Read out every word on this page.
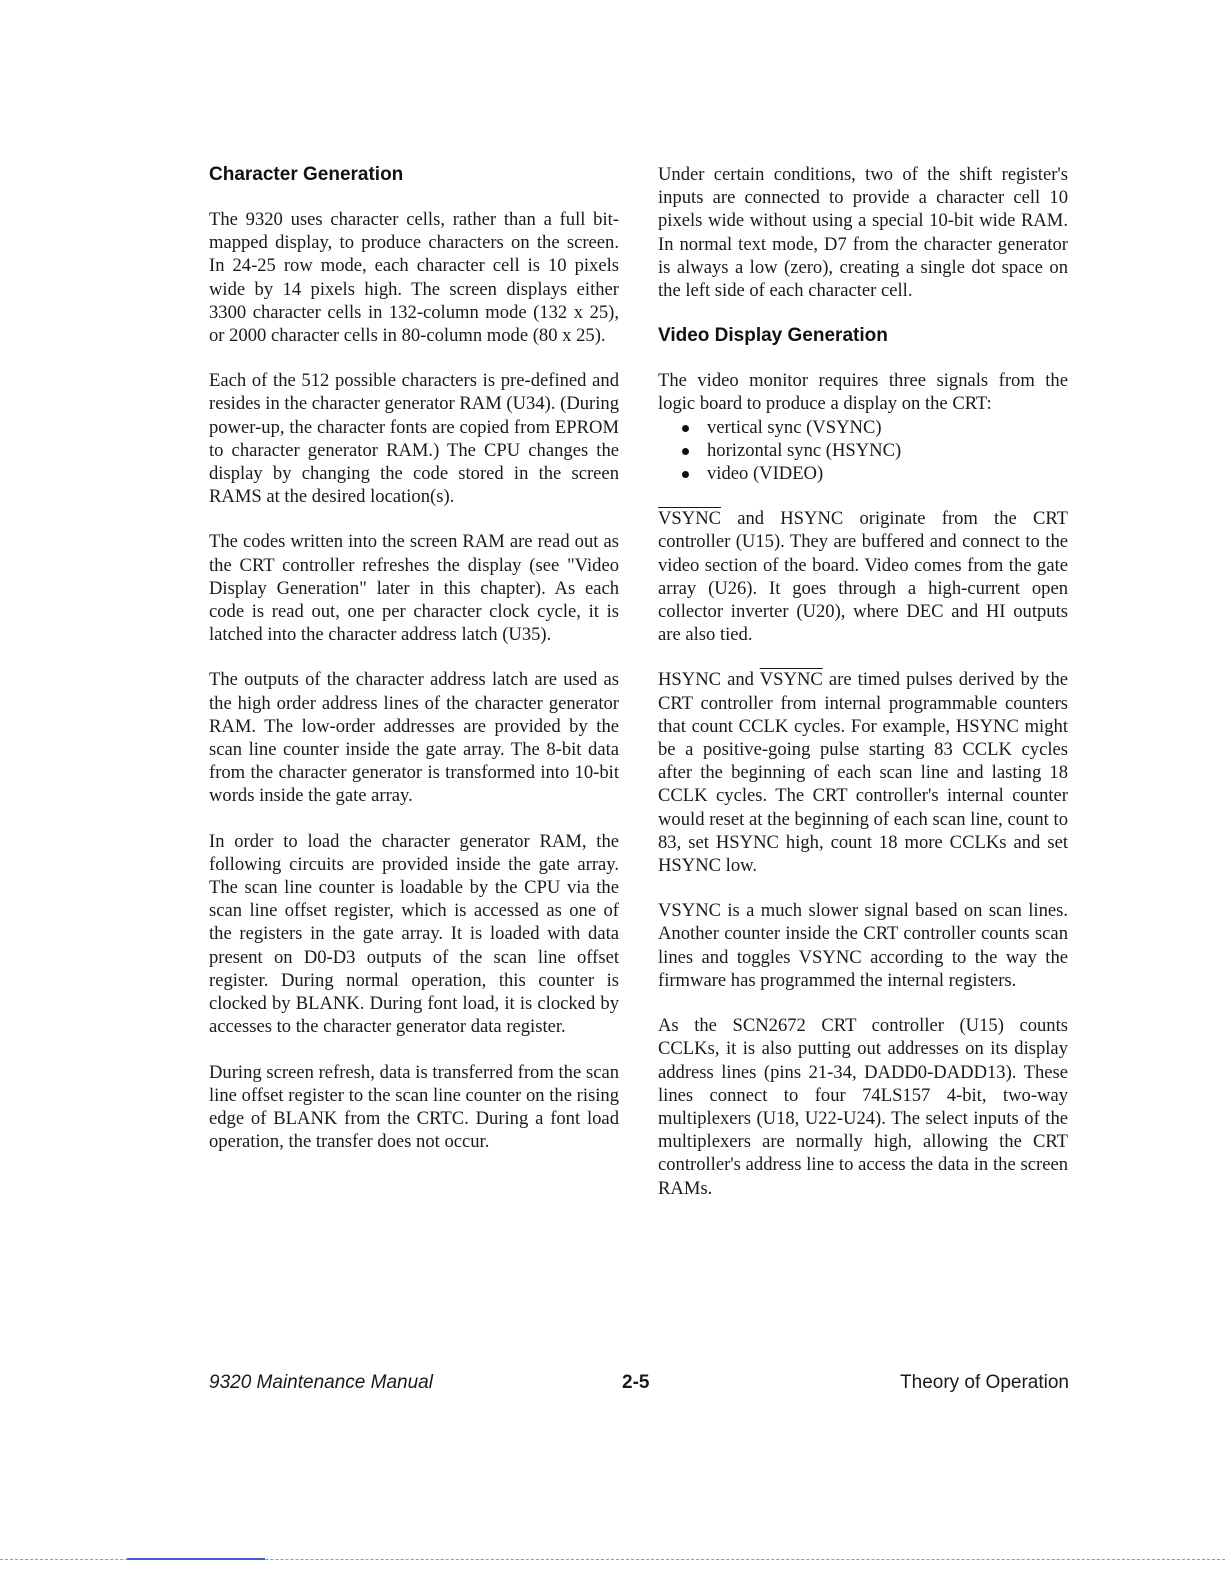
Character Generation

The 9320 uses character cells, rather than a full bit-mapped display, to produce characters on the screen. In 24-25 row mode, each character cell is 10 pixels wide by 14 pixels high. The screen displays either 3300 character cells in 132-column mode (132 x 25), or 2000 character cells in 80-column mode (80 x 25).

Each of the 512 possible characters is pre-defined and resides in the character generator RAM (U34). (During power-up, the character fonts are copied from EPROM to character generator RAM.) The CPU changes the display by changing the code stored in the screen RAMS at the desired location(s).

The codes written into the screen RAM are read out as the CRT controller refreshes the display (see "Video Display Generation" later in this chapter). As each code is read out, one per character clock cycle, it is latched into the character address latch (U35).

The outputs of the character address latch are used as the high order address lines of the character generator RAM. The low-order addresses are provided by the scan line counter inside the gate array. The 8-bit data from the character generator is transformed into 10-bit words inside the gate array.

In order to load the character generator RAM, the following circuits are provided inside the gate array. The scan line counter is loadable by the CPU via the scan line offset register, which is accessed as one of the registers in the gate array. It is loaded with data present on D0-D3 outputs of the scan line offset register. During normal operation, this counter is clocked by BLANK. During font load, it is clocked by accesses to the character generator data register.

During screen refresh, data is transferred from the scan line offset register to the scan line counter on the rising edge of BLANK from the CRTC. During a font load operation, the transfer does not occur.

Under certain conditions, two of the shift register's inputs are connected to provide a character cell 10 pixels wide without using a special 10-bit wide RAM. In normal text mode, D7 from the character generator is always a low (zero), creating a single dot space on the left side of each character cell.

Video Display Generation

The video monitor requires three signals from the logic board to produce a display on the CRT:

vertical sync (VSYNC)
horizontal sync (HSYNC)
video (VIDEO)

VSYNC and HSYNC originate from the CRT controller (U15). They are buffered and connect to the video section of the board. Video comes from the gate array (U26). It goes through a high-current open collector inverter (U20), where DEC and HI outputs are also tied.

HSYNC and VSYNC are timed pulses derived by the CRT controller from internal programmable counters that count CCLK cycles. For example, HSYNC might be a positive-going pulse starting 83 CCLK cycles after the beginning of each scan line and lasting 18 CCLK cycles. The CRT controller's internal counter would reset at the beginning of each scan line, count to 83, set HSYNC high, count 18 more CCLKs and set HSYNC low.

VSYNC is a much slower signal based on scan lines. Another counter inside the CRT controller counts scan lines and toggles VSYNC according to the way the firmware has programmed the internal registers.

As the SCN2672 CRT controller (U15) counts CCLKs, it is also putting out addresses on its display address lines (pins 21-34, DADD0-DADD13). These lines connect to four 74LS157 4-bit, two-way multiplexers (U18, U22-U24). The select inputs of the multiplexers are normally high, allowing the CRT controller's address line to access the data in the screen RAMs.

9320 Maintenance Manual	2-5	Theory of Operation
